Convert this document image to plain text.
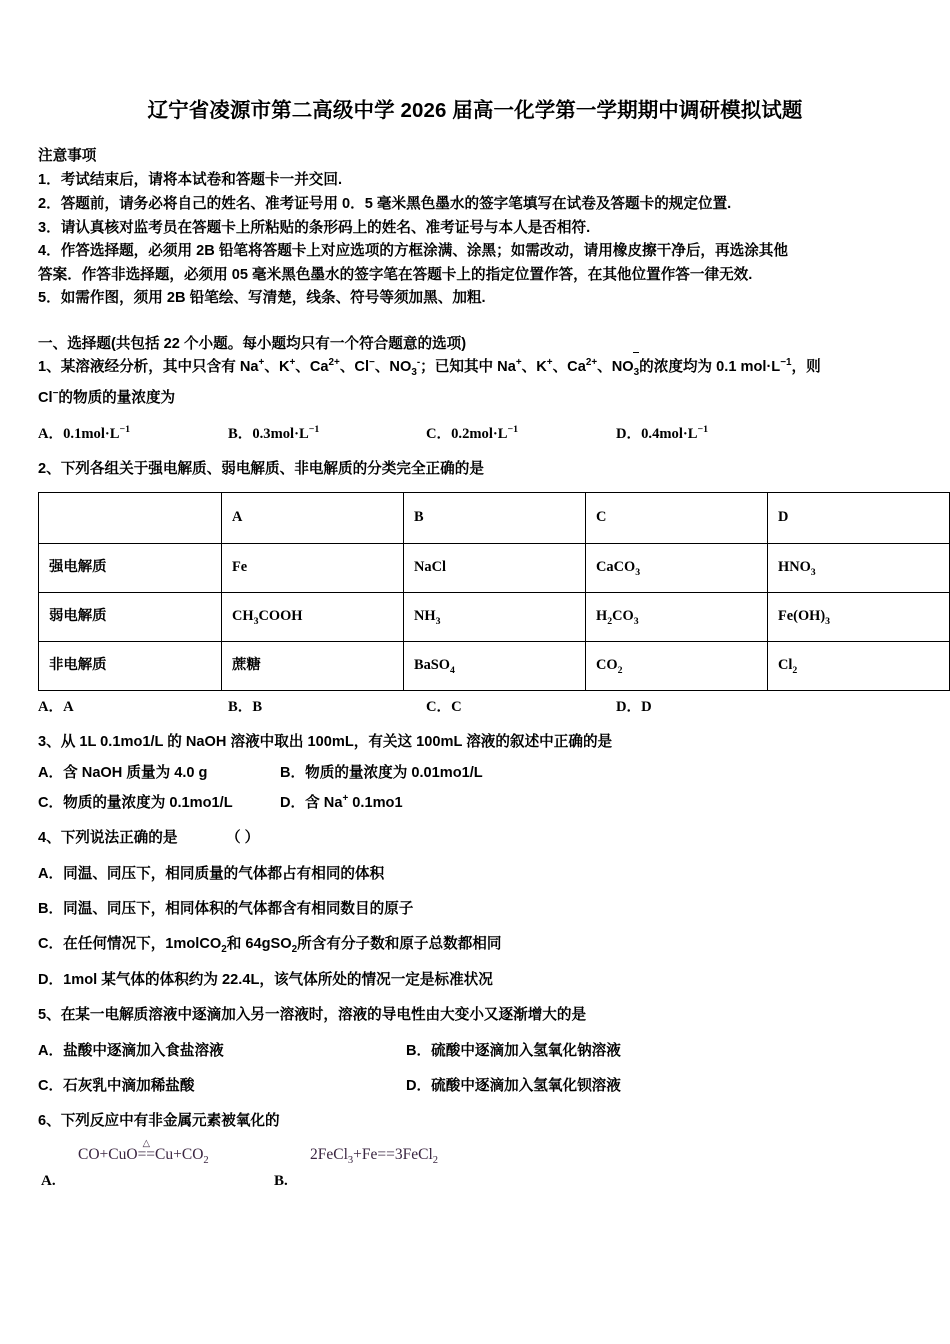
辽宁省凌源市第二高级中学 2026 届高一化学第一学期期中调研模拟试题

注意事项

1．考试结束后，请将本试卷和答题卡一并交回.

2．答题前，请务必将自己的姓名、准考证号用 0．5 毫米黑色墨水的签字笔填写在试卷及答题卡的规定位置.

3．请认真核对监考员在答题卡上所粘贴的条形码上的姓名、准考证号与本人是否相符.

4．作答选择题，必须用 2B 铅笔将答题卡上对应选项的方框涂满、涂黑；如需改动，请用橡皮擦干净后，再选涂其他

答案．作答非选择题，必须用 05 毫米黑色墨水的签字笔在答题卡上的指定位置作答，在其他位置作答一律无效.

5．如需作图，须用 2B 铅笔绘、写清楚，线条、符号等须加黑、加粗.

一、选择题(共包括 22 个小题。每小题均只有一个符合题意的选项)

1、某溶液经分析，其中只含有 Na+、K+、$Ca^{2+}$、Cl−、$NO_3^-$；已知其中 Na+、K+、$Ca^{2+}$、$NO_3$的浓度均为 0.1 $mol\cdot L^{-1}$，则

Cl−的物质的量浓度为

A．$0.1mol\cdot L^{-1}$	B．$0.3mol\cdot L^{-1}$	C．$0.2mol\cdot L^{-1}$	D．$0.4mol\cdot L^{-1}$

2、下列各组关于强电解质、弱电解质、非电解质的分类完全正确的是

	A	B	C	D
强电解质	Fe	NaCl	CaCO$_3$	$HNO_3$
弱电解质	$CH_3COOH$	$NH_3$	$H_2CO_3$	$Fe(OH)_3$
非电解质	蔗糖	BaSO$_4$	$CO_2$	$Cl_2$
A．A	B．B	C．C	D．D

3、从 1L 0.1mo1/L 的 NaOH 溶液中取出 100mL，有关这 100mL 溶液的叙述中正确的是

A．含 NaOH 质量为 4.0 g	B．物质的量浓度为 0.01mo1/L
C．物质的量浓度为 0.1mo1/L	D．含 Na+ 0.1mo1
4、下列说法正确的是	（ ）

A．同温、同压下，相同质量的气体都占有相同的体积

B．同温、同压下，相同体积的气体都含有相同数目的原子

C．在任何情况下，1molCO$_2$和 64gSO$_2$所含有分子数和原子总数都相同

D．1mol 某气体的体积约为 22.4L，该气体所处的情况一定是标准状况

5、在某一电解质溶液中逐滴加入另一溶液时，溶液的导电性由大变小又逐渐增大的是

A．盐酸中逐滴加入食盐溶液	B．硫酸中逐滴加入氢氧化钠溶液
C．石灰乳中滴加稀盐酸	D．硫酸中逐滴加入氢氧化钡溶液

6、下列反应中有非金属元素被氧化的

A.
CO+CuO
△
$==Cu+CO_2$
B.
2FeCl$_3$+Fe==3FeCl$_2$
